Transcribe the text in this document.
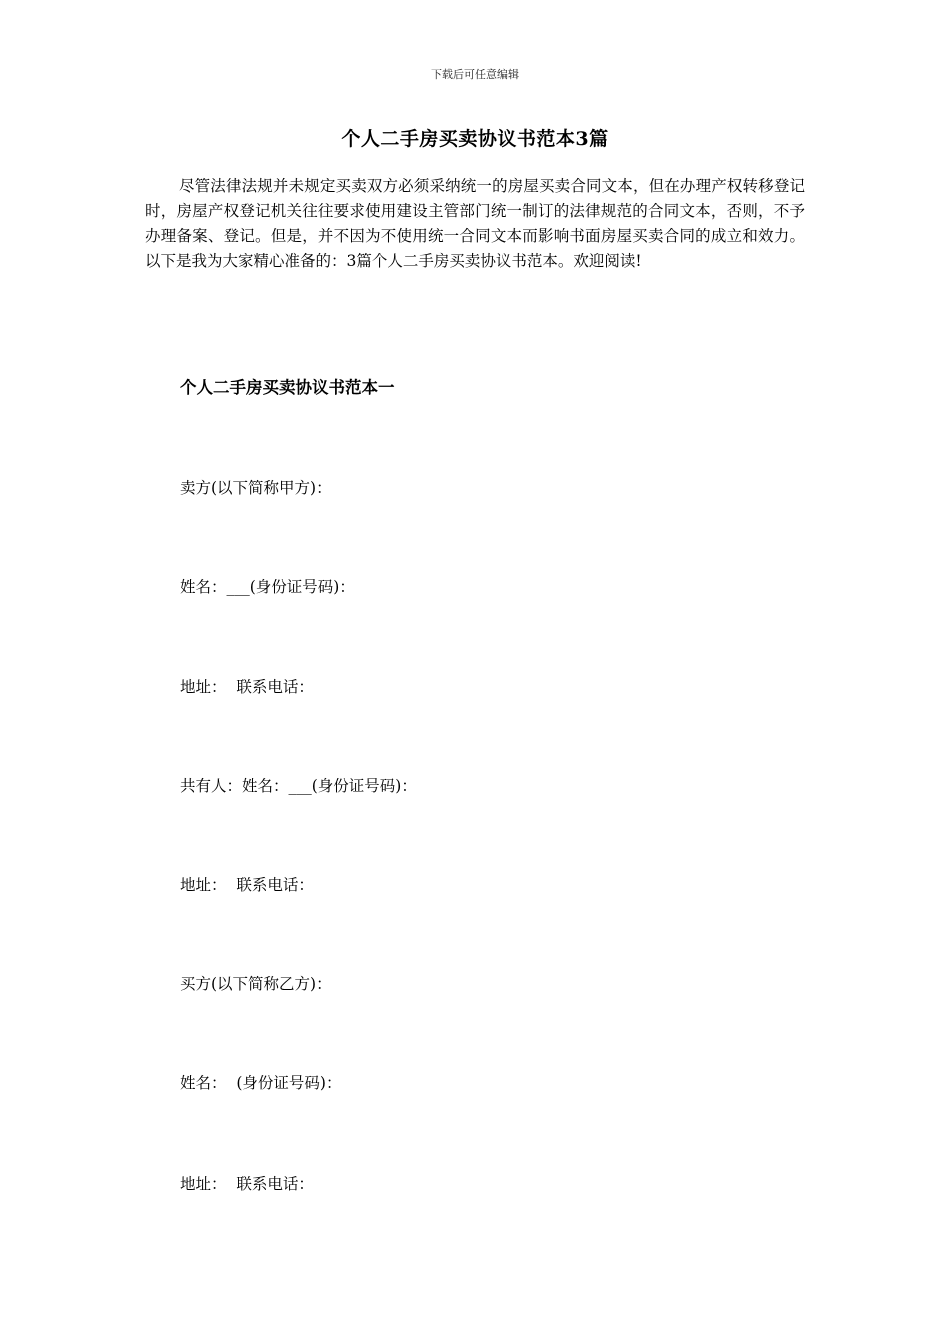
下载后可任意编辑
个人二手房买卖协议书范本3篇

尽管法律法规并未规定买卖双方必须采纳统一的房屋买卖合同文本，但在办理产权转移登记时，房屋产权登记机关往往要求使用建设主管部门统一制订的法律规范的合同文本，否则，不予办理备案、登记。但是，并不因为不使用统一合同文本而影响书面房屋买卖合同的成立和效力。以下是我为大家精心准备的：3篇个人二手房买卖协议书范本。欢迎阅读!

个人二手房买卖协议书范本一

卖方(以下简称甲方)：

姓名：___(身份证号码)：

地址：  联系电话：

共有人：姓名：___(身份证号码)：

地址：  联系电话：

买方(以下简称乙方)：

姓名：  (身份证号码)：

地址：  联系电话：
